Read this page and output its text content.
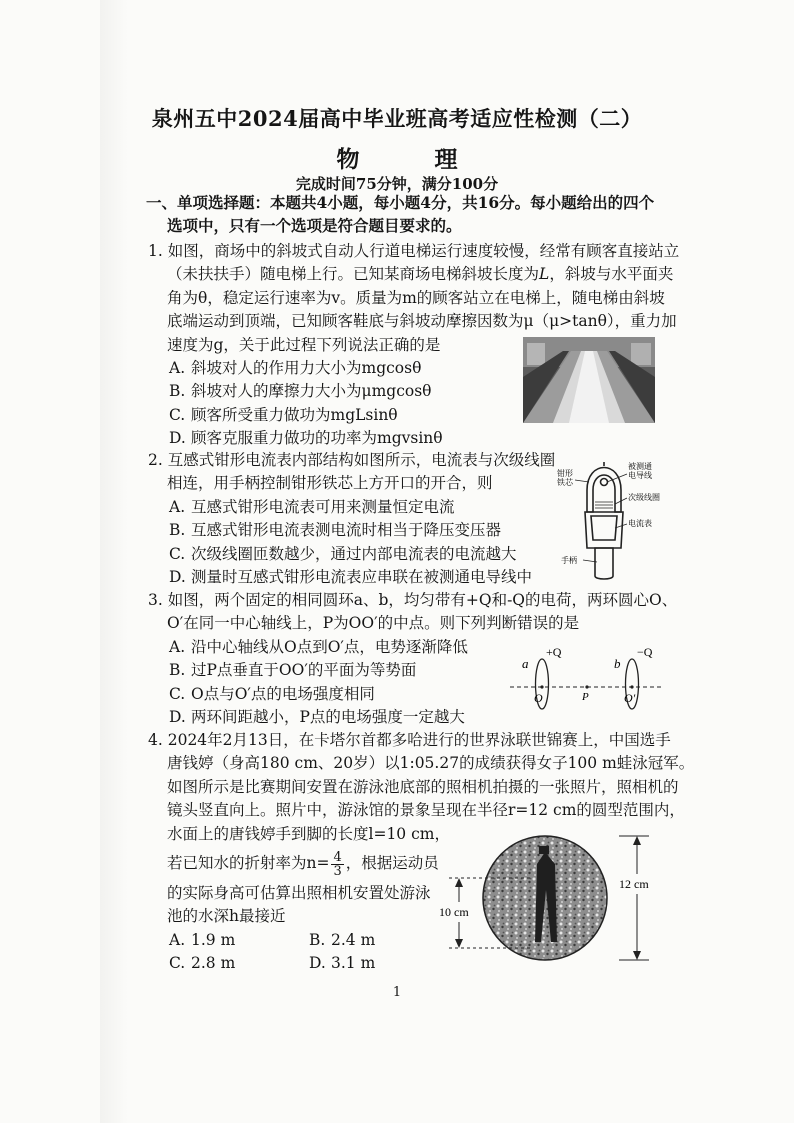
泉州五中2024届高中毕业班高考适应性检测（二）
物　理
完成时间75分钟，满分100分
一、单项选择题：本题共4小题，每小题4分，共16分。每小题给出的四个
选项中，只有一个选项是符合题目要求的。
1. 如图，商场中的斜坡式自动人行道电梯运行速度较慢，经常有顾客直接站立
（未扶扶手）随电梯上行。已知某商场电梯斜坡长度为L，斜坡与水平面夹
角为θ，稳定运行速率为v。质量为m的顾客站立在电梯上，随电梯由斜坡
底端运动到顶端，已知顾客鞋底与斜坡动摩擦因数为μ（μ>tanθ），重力加
速度为g，关于此过程下列说法正确的是
A. 斜坡对人的作用力大小为mgcosθ
B. 斜坡对人的摩擦力大小为μmgcosθ
C. 顾客所受重力做功为mgLsinθ
D. 顾客克服重力做功的功率为mgvsinθ
2. 互感式钳形电流表内部结构如图所示，电流表与次级线圈
相连，用手柄控制钳形铁芯上方开口的开合，则
A. 互感式钳形电流表可用来测量恒定电流
B. 互感式钳形电流表测电流时相当于降压变压器
C. 次级线圈匝数越少，通过内部电流表的电流越大
D. 测量时互感式钳形电流表应串联在被测通电导线中
钳形
铁芯
被测通
电导线
次级线圈
电流表
手柄
3. 如图，两个固定的相同圆环a、b，均匀带有+Q和-Q的电荷，两环圆心O、
O′在同一中心轴线上，P为OO′的中点。则下列判断错误的是
A. 沿中心轴线从O点到O′点，电势逐渐降低
B. 过P点垂直于OO′的平面为等势面
C. O点与O′点的电场强度相同
D. 两环间距越小，P点的电场强度一定越大
a
+Q
b
−Q
O	P	O′
4. 2024年2月13日，在卡塔尔首都多哈进行的世界泳联世锦赛上，中国选手
唐钱婷（身高180 cm、20岁）以1:05.27的成绩获得女子100 m蛙泳冠军。
如图所示是比赛期间安置在游泳池底部的照相机拍摄的一张照片，照相机的
镜头竖直向上。照片中，游泳馆的景象呈现在半径r=12 cm的圆型范围内，
水面上的唐钱婷手到脚的长度l=10 cm，
若已知水的折射率为$n= \frac{4}{3}$ ，根据运动员
的实际身高可估算出照相机安置处游泳
池的水深h最接近
A. 1.9 m	B. 2.4 m
C. 2.8 m	D. 3.1 m
12 cm
10 cm
1
